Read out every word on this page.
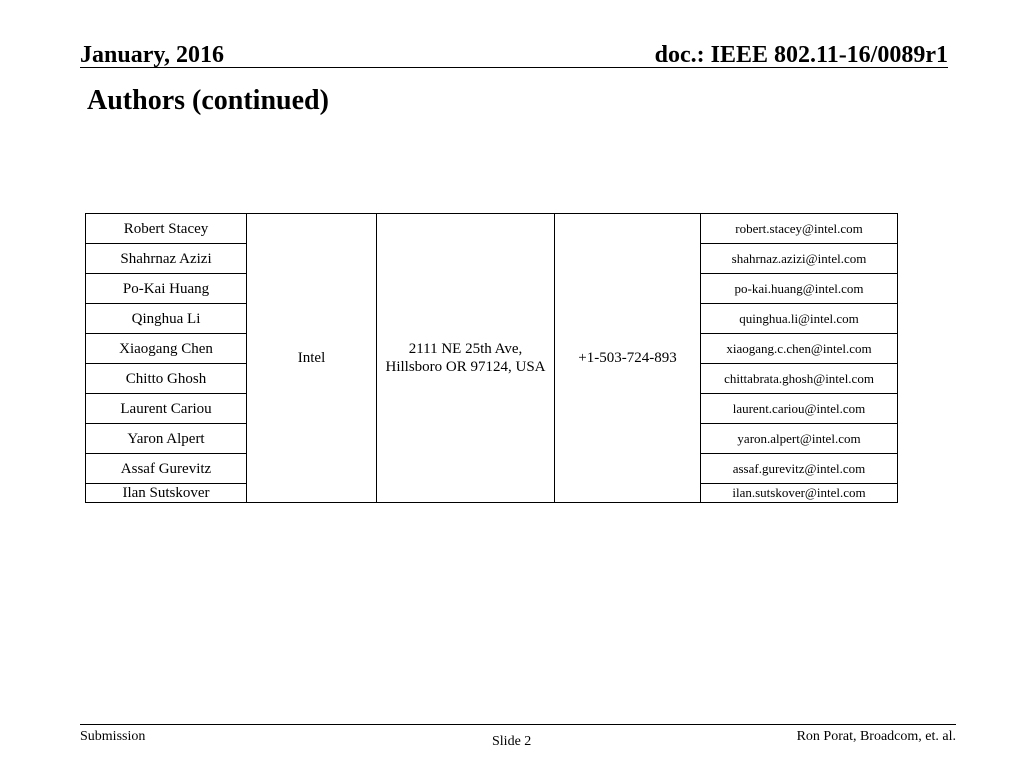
January, 2016	doc.: IEEE 802.11-16/0089r1
Authors (continued)
Robert Stacey	Intel	2111 NE 25th Ave, Hillsboro OR 97124, USA	+1-503-724-893	robert.stacey@intel.com
Shahrnaz Azizi				shahrnaz.azizi@intel.com
Po-Kai Huang				po-kai.huang@intel.com
Qinghua Li				quinghua.li@intel.com
Xiaogang Chen				xiaogang.c.chen@intel.com
Chitto Ghosh				chittabrata.ghosh@intel.com
Laurent Cariou				laurent.cariou@intel.com
Yaron Alpert				yaron.alpert@intel.com
Assaf Gurevitz				assaf.gurevitz@intel.com
Ilan Sutskover				ilan.sutskover@intel.com
Submission	Slide 2	Ron Porat, Broadcom, et. al.
